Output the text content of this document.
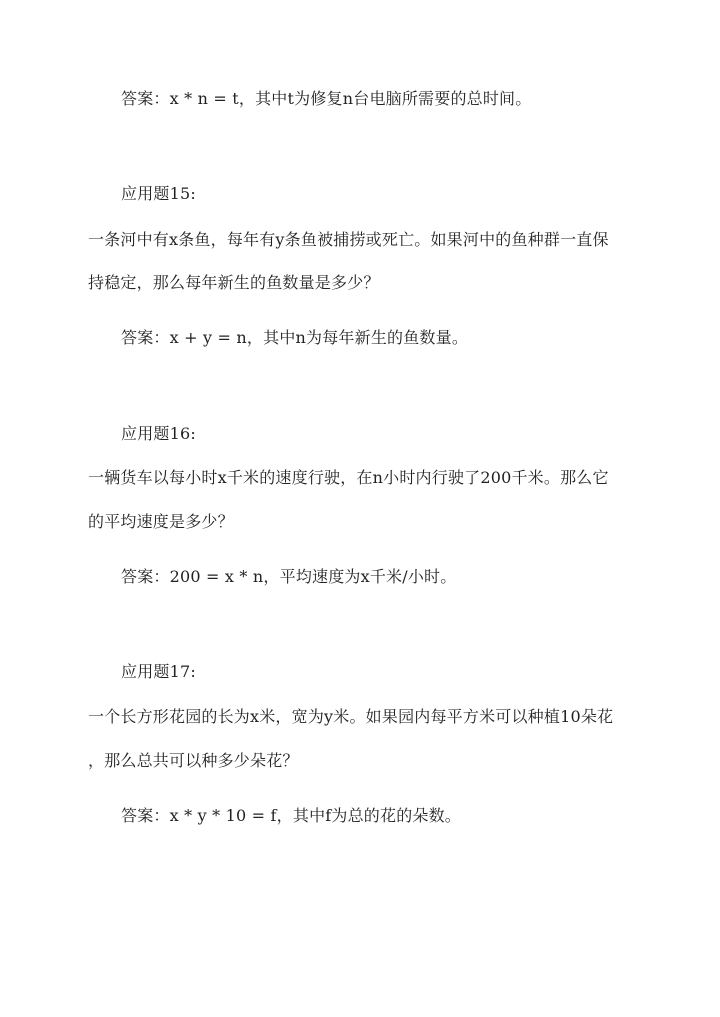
答案：x * n = t，其中t为修复n台电脑所需要的总时间。
应用题15:
一条河中有x条鱼，每年有y条鱼被捕捞或死亡。如果河中的鱼种群一直保
持稳定，那么每年新生的鱼数量是多少？
答案：x + y = n，其中n为每年新生的鱼数量。
应用题16:
一辆货车以每小时x千米的速度行驶，在n小时内行驶了200千米。那么它
的平均速度是多少？
答案：200 = x * n，平均速度为x千米/小时。
应用题17:
一个长方形花园的长为x米，宽为y米。如果园内每平方米可以种植10朵花
，那么总共可以种多少朵花？
答案：x * y * 10 = f，其中f为总的花的朵数。
